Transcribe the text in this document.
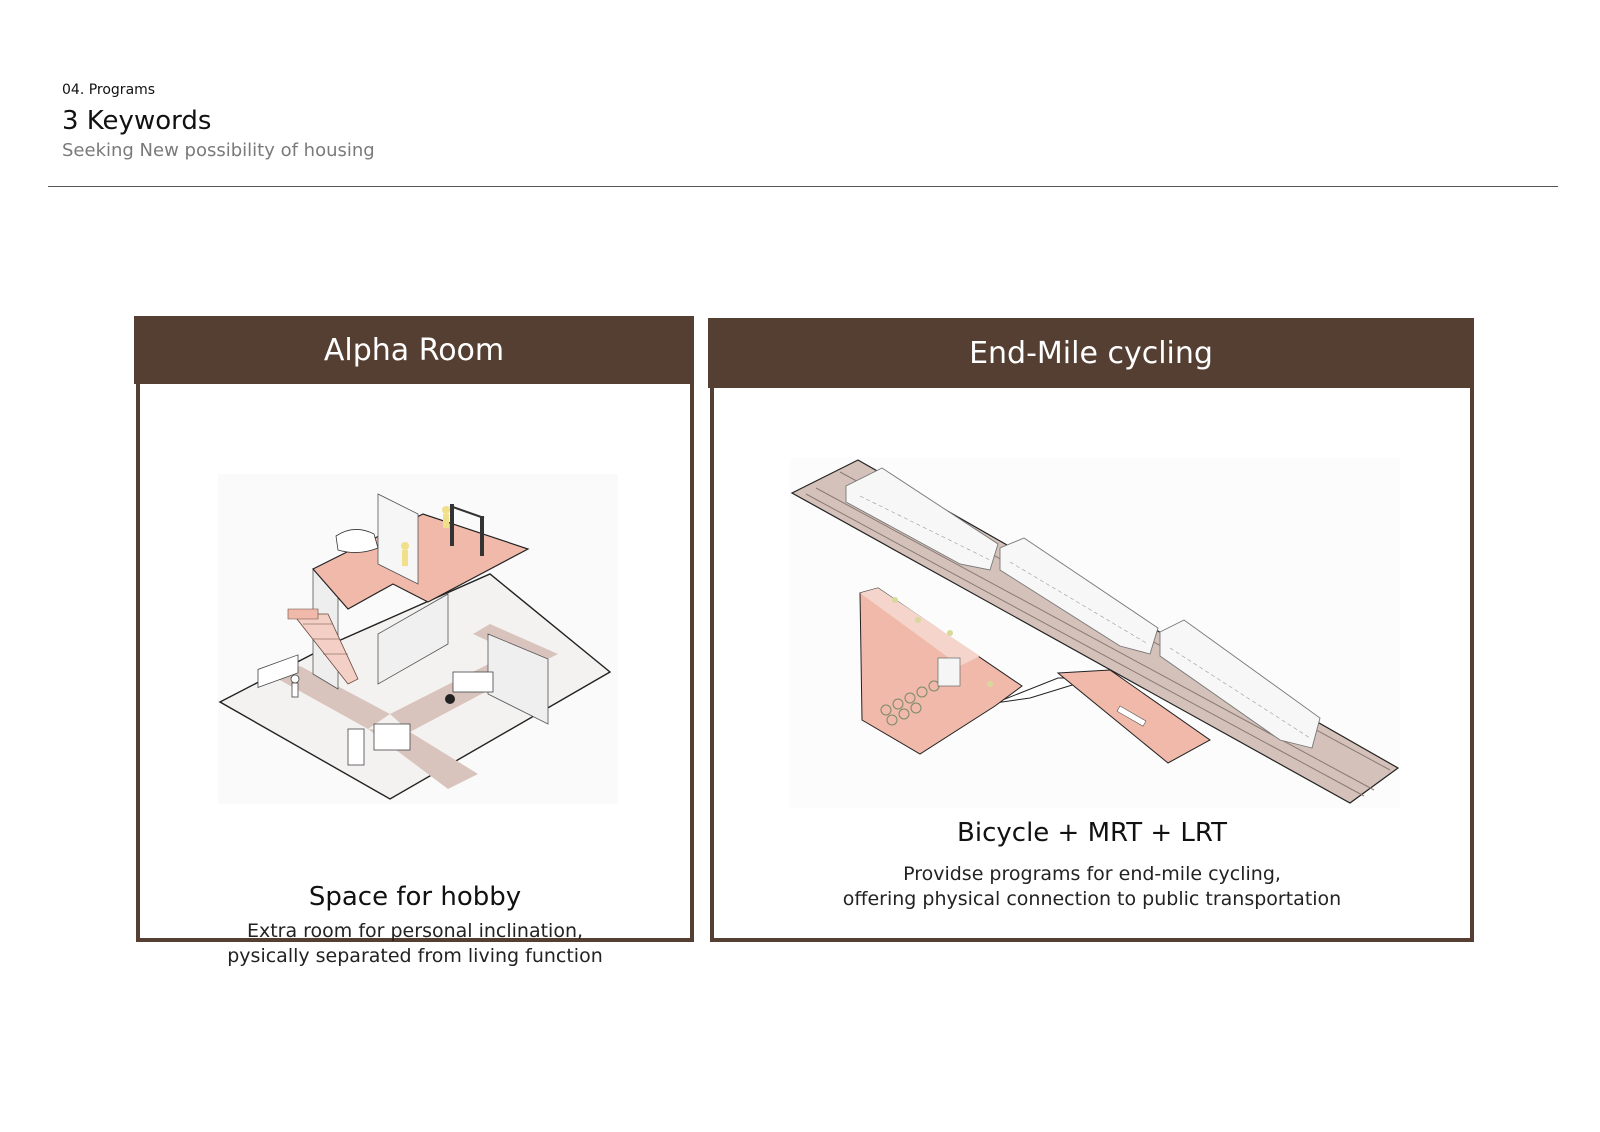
04. Programs
3 Keywords
Seeking New possibility of housing
Alpha Room
Space for hobby
Extra room for personal inclination,
pysically separated from living function
End-Mile cycling
Bicycle + MRT + LRT
Providse programs for end-mile cycling,
offering physical connection to public transportation
